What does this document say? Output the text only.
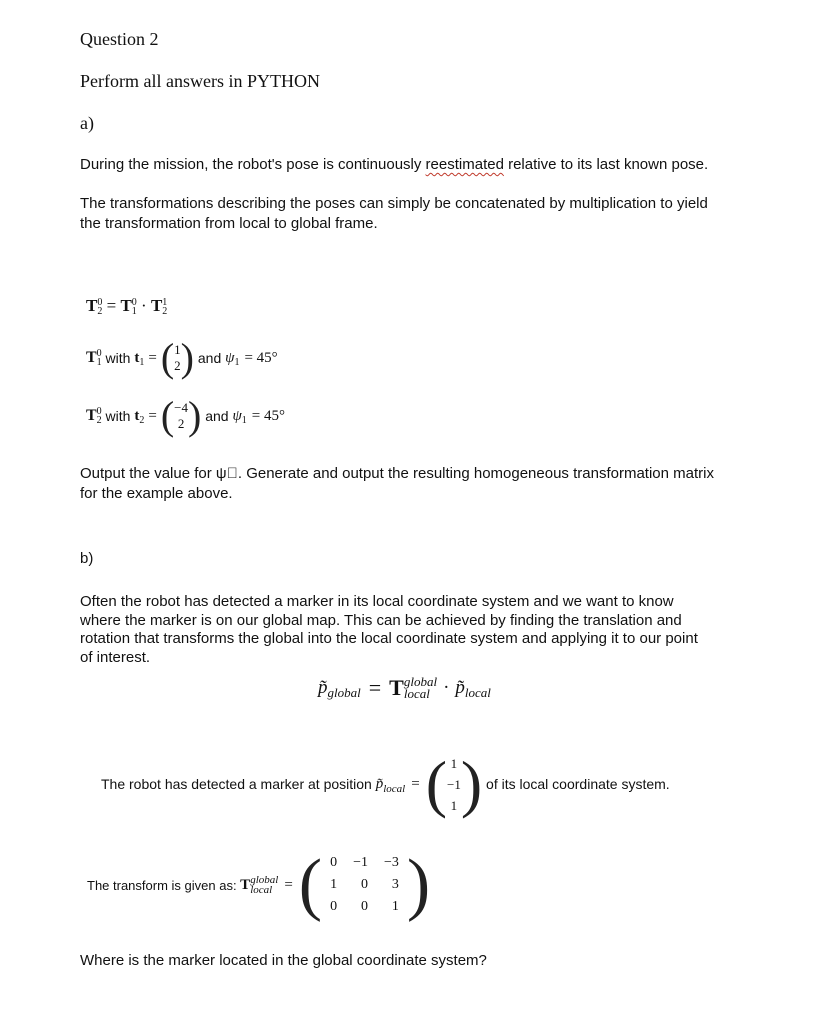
Question 2
Perform all answers in PYTHON
a)
During the mission, the robot's pose is continuously reestimated relative to its last known pose.
The transformations describing the poses can simply be concatenated by multiplication to yield
the transformation from local to global frame.
T 0
2 = T 0
1 · T 1
2
T 0
1 with t 1 = ( 1
2 ) and ψ 1 = 45°
T 0
2 with t 2 = ( −4
2 ) and ψ 1 = 45°
Output the value for ψ⃞. Generate and output the resulting homogeneous transformation matrix
for the example above.
b)
Often the robot has detected a marker in its local coordinate system and we want to know
where the marker is on our global map. This can be achieved by finding the translation and
rotation that transforms the global into the local coordinate system and applying it to our point
of interest.
p̃ global = T global
local · p̃ local
The robot has detected a marker at position p̃ local = ( 1
−1
1 ) of its local coordinate system.
The transform is given as: T global
local = ( 0	−1	−3
1	0	3
0	0	1 )
Where is the marker located in the global coordinate system?
